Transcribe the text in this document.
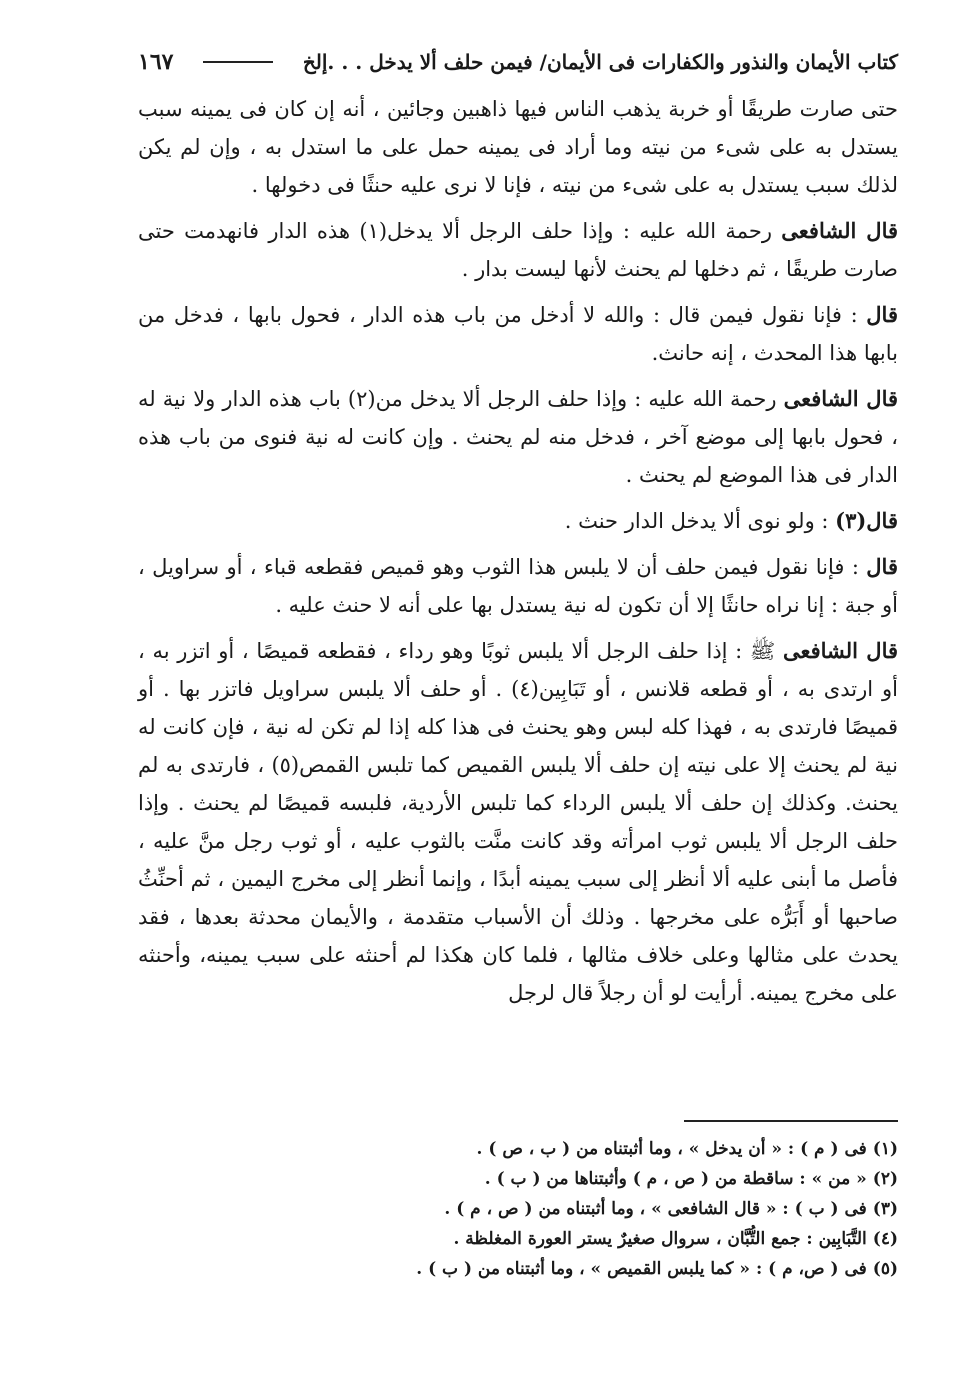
كتاب الأيمان والنذور والكفارات فى الأيمان/ فيمن حلف ألا يدخل . . .إلخ
١٦٧

حتى صارت طريقًا أو خربة يذهب الناس فيها ذاهبين وجائين ، أنه إن كان فى يمينه سبب يستدل به على شىء من نيته وما أراد فى يمينه حمل على ما استدل به ، وإن لم يكن لذلك سبب يستدل به على شىء من نيته ، فإنا لا نرى عليه حنثًا فى دخولها .

قال الشافعى رحمة الله عليه : وإذا حلف الرجل ألا يدخل(١) هذه الدار فانهدمت حتى صارت طريقًا ، ثم دخلها لم يحنث لأنها ليست بدار .

قال : فإنا نقول فيمن قال : والله لا أدخل من باب هذه الدار ، فحول بابها ، فدخل من بابها هذا المحدث ، إنه حانث.

قال الشافعى رحمة الله عليه : وإذا حلف الرجل ألا يدخل من(٢) باب هذه الدار ولا نية له ، فحول بابها إلى موضع آخر ، فدخل منه لم يحنث . وإن كانت له نية فنوى من باب هذه الدار فى هذا الموضع لم يحنث .

قال(٣) : ولو نوى ألا يدخل الدار حنث .

قال : فإنا نقول فيمن حلف أن لا يلبس هذا الثوب وهو قميص فقطعه قباء ، أو سراويل ، أو جبة : إنا نراه حانثًا إلا أن تكون له نية يستدل بها على أنه لا حنث عليه .

قال الشافعى ﷺ : إذا حلف الرجل ألا يلبس ثوبًا وهو رداء ، فقطعه قميصًا ، أو اتزر به ، أو ارتدى به ، أو قطعه قلانس ، أو تَبَابِين(٤) . أو حلف ألا يلبس سراويل فاتزر بها . أو قميصًا فارتدى به ، فهذا كله لبس وهو يحنث فى هذا كله إذا لم تكن له نية ، فإن كانت له نية لم يحنث إلا على نيته إن حلف ألا يلبس القميص كما تلبس القمص(٥) ، فارتدى به لم يحنث. وكذلك إن حلف ألا يلبس الرداء كما تلبس الأردية، فلبسه قميصًا لم يحنث . وإذا حلف الرجل ألا يلبس ثوب امرأته وقد كانت منَّت بالثوب عليه ، أو ثوب رجل منَّ عليه ، فأصل ما أبنى عليه ألا أنظر إلى سبب يمينه أبدًا ، وإنما أنظر إلى مخرج اليمين ، ثم أحنِّثُ صاحبها أو أَبَرُّه على مخرجها . وذلك أن الأسباب متقدمة ، والأيمان محدثة بعدها ، فقد يحدث على مثالها وعلى خلاف مثالها ، فلما كان هكذا لم أحنثه على سبب يمينه، وأحنثه على مخرج يمينه. أرأيت لو أن رجلاً قال لرجل

(١)فى ( م ) : « أن يدخل » ، وما أثبتناه من ( ب ، ص ) .
(٢)« من » : ساقطة من ( ص ، م ) وأثبتناها من ( ب ) .
(٣)فى ( ب ) : « قال الشافعى » ، وما أثبتناه من ( ص ، م ) .
(٤)التَّبَابِين : جمع التُّبَّان ، سروال صغيرٌ يستر العورة المغلظة .
(٥)فى ( ص، م ) : « كما يلبس القميص » ، وما أثبتناه من ( ب ) .
